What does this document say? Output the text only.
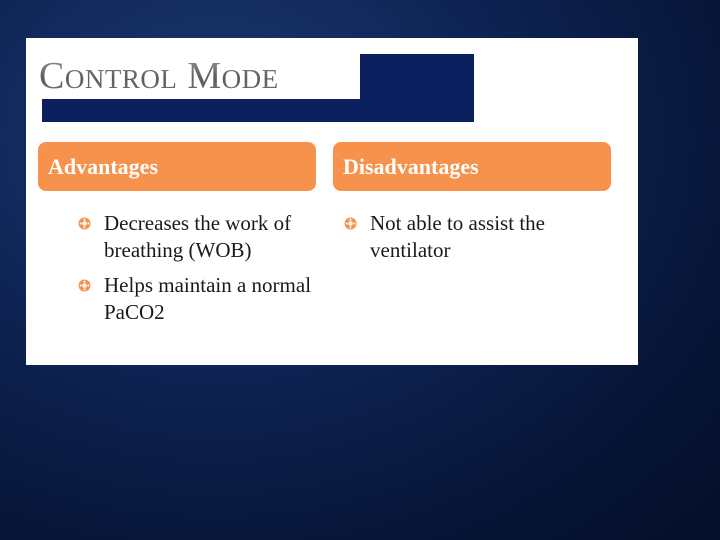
Control Mode
Advantages	Disadvantages
Decreases the work of breathing (WOB)
Helps maintain a normal PaCO2
Not able to assist the ventilator
